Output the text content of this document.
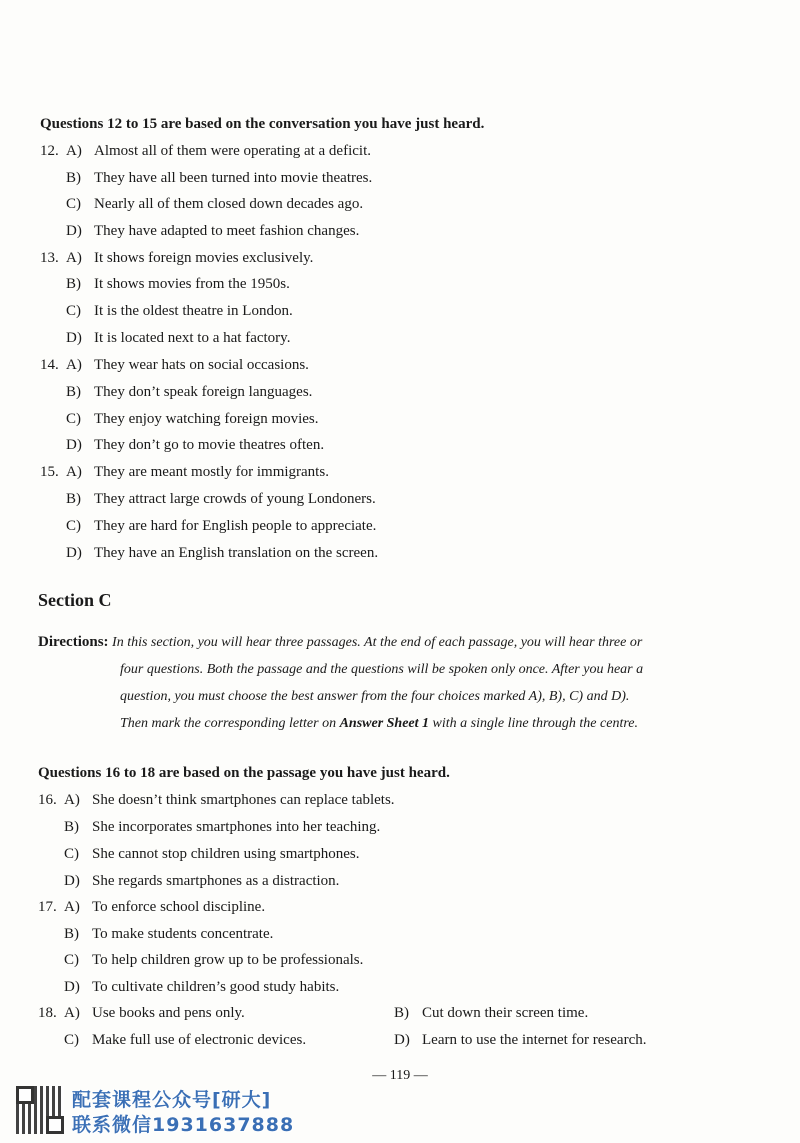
Questions 12 to 15 are based on the conversation you have just heard.
12. A) Almost all of them were operating at a deficit.
B) They have all been turned into movie theatres.
C) Nearly all of them closed down decades ago.
D) They have adapted to meet fashion changes.
13. A) It shows foreign movies exclusively.
B) It shows movies from the 1950s.
C) It is the oldest theatre in London.
D) It is located next to a hat factory.
14. A) They wear hats on social occasions.
B) They don’t speak foreign languages.
C) They enjoy watching foreign movies.
D) They don’t go to movie theatres often.
15. A) They are meant mostly for immigrants.
B) They attract large crowds of young Londoners.
C) They are hard for English people to appreciate.
D) They have an English translation on the screen.
Section C
Directions: In this section, you will hear three passages. At the end of each passage, you will hear three or
four questions. Both the passage and the questions will be spoken only once. After you hear a
question, you must choose the best answer from the four choices marked A), B), C) and D).
Then mark the corresponding letter on Answer Sheet 1 with a single line through the centre.
Questions 16 to 18 are based on the passage you have just heard.
16. A) She doesn’t think smartphones can replace tablets.
B) She incorporates smartphones into her teaching.
C) She cannot stop children using smartphones.
D) She regards smartphones as a distraction.
17. A) To enforce school discipline.
B) To make students concentrate.
C) To help children grow up to be professionals.
D) To cultivate children’s good study habits.
18. A) Use books and pens only.	B) Cut down their screen time.
C) Make full use of electronic devices.	D) Learn to use the internet for research.
— 119 —
配套课程公众号[研大]
联系微信1931637888
